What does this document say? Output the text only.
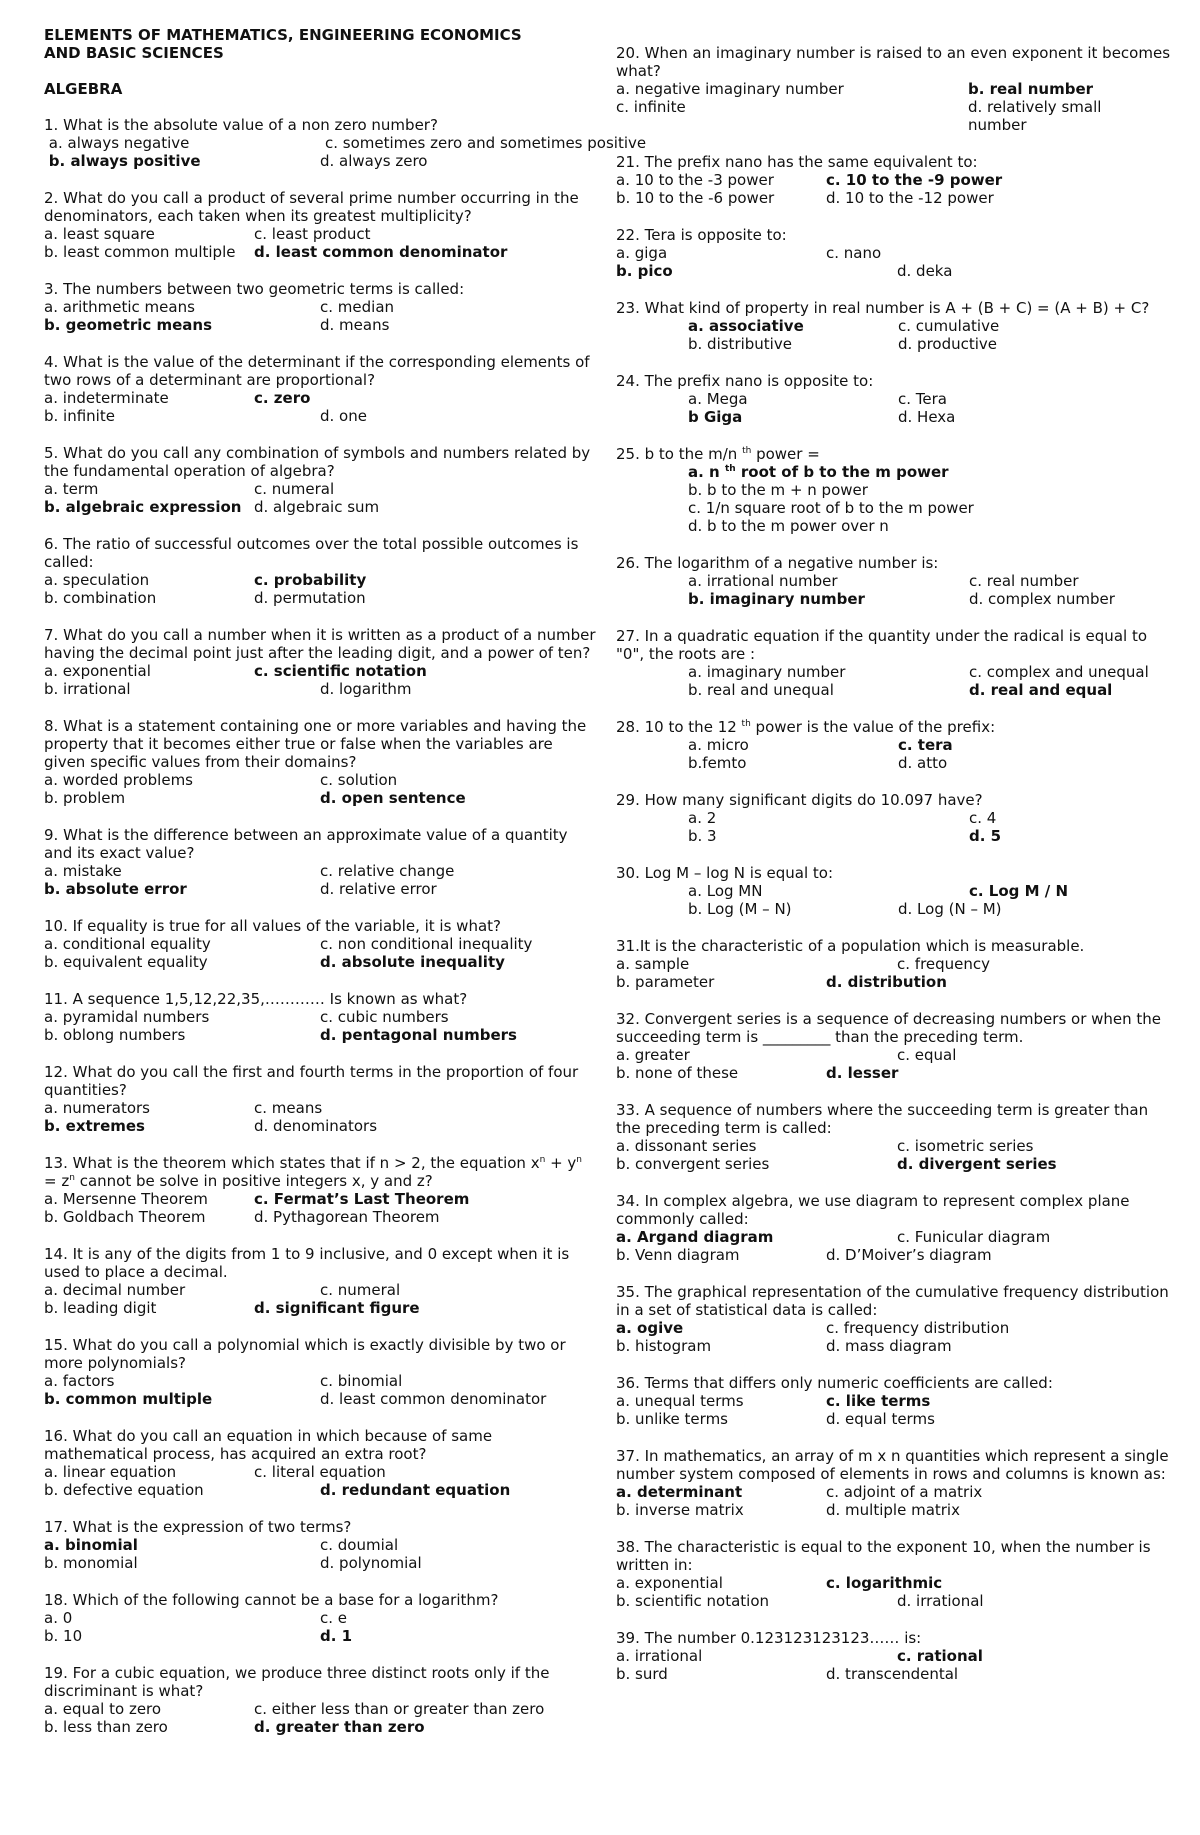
ELEMENTS OF MATHEMATICS, ENGINEERING ECONOMICS
AND BASIC SCIENCES

ALGEBRA

1. What is the absolute value of a non zero number?

a. always negative	c. sometimes zero and sometimes positive
b. always positive	d. always zero

2. What do you call a product of several prime number occurring in the denominators, each taken when its greatest multiplicity?

a. least square	c. least product
b. least common multiple	d. least common denominator

3. The numbers between two geometric terms is called:

a. arithmetic means	c. median
b. geometric means	d. means

4. What is the value of the determinant if the corresponding elements of two rows of a determinant are proportional?

a. indeterminate	c. zero
b. infinite	d. one

5. What do you call any combination of symbols and numbers related by the fundamental operation of algebra?

a. term	c. numeral
b. algebraic expression d. algebraic sum

6. The ratio of successful outcomes over the total possible outcomes is called:

a. speculation	c. probability
b. combination	d. permutation

7. What do you call a number when it is written as a product of a number having the decimal point just after the leading digit, and a power of ten?

a. exponential	c. scientific notation
b. irrational	d. logarithm

8. What is a statement containing one or more variables and having the property that it becomes either true or false when the variables are given specific values from their domains?

a. worded problems	c. solution
b. problem	d. open sentence

9. What is the difference between an approximate value of a quantity and its exact value?

a. mistake	c. relative change
b. absolute error	d. relative error

10. If equality is true for all values of the variable, it is what?

a. conditional equality	c. non conditional inequality
b. equivalent equality	d. absolute inequality

11. A sequence 1,5,12,22,35,………… Is known as what?

a. pyramidal numbers	c. cubic numbers
b. oblong numbers	d. pentagonal numbers

12. What do you call the first and fourth terms in the proportion of four quantities?

a. numerators	c. means
b. extremes	d. denominators

13. What is the theorem which states that if n > 2, the equation $x^n + y^n = z^n$ cannot be solve in positive integers x, y and z?

a. Mersenne Theorem	c. Fermat’s Last Theorem
b. Goldbach Theorem	d. Pythagorean Theorem

14. It is any of the digits from 1 to 9 inclusive, and 0 except when it is used to place a decimal.

a. decimal number	c. numeral
b. leading digit	d. significant figure

15. What do you call a polynomial which is exactly divisible by two or more polynomials?

a. factors	c. binomial
b. common multiple	d. least common denominator

16. What do you call an equation in which because of same mathematical process, has acquired an extra root?

a. linear equation	c. literal equation
b. defective equation	d. redundant equation

17. What is the expression of two terms?

a. binomial	c. doumial
b. monomial	d. polynomial

18. Which of the following cannot be a base for a logarithm?

a. 0	c. e
b. 10	d. 1

19. For a cubic equation, we produce three distinct roots only if the discriminant is what?

a. equal to zero	c. either less than or greater than zero
b. less than zero	d. greater than zero

20. When an imaginary number is raised to an even exponent it becomes what?

a. negative imaginary number	b. real number
c. infinite	d. relatively small number

21. The prefix nano has the same equivalent to:

a. 10 to the -3 power	c. 10 to the -9 power
b. 10 to the -6 power	d. 10 to the -12 power

22. Tera is opposite to:

a. giga	c. nano
b. pico	d. deka

23. What kind of property in real number is A + (B + C) = (A + B) + C?

a. associative	c. cumulative
b. distributive	d. productive

24. The prefix nano is opposite to:

a. Mega	c. Tera
b Giga	d. Hexa

25. b to the m/n $^{th}$ power =

a. n $^{th}$ root of b to the m power
b. b to the m + n power
c. 1/n square root of b to the m power
d. b to the m power over n

26. The logarithm of a negative number is:

a. irrational number	c. real number
b. imaginary number	d. complex number

27. In a quadratic equation if the quantity under the radical is equal to "0", the roots are :

a. imaginary number	c. complex and unequal
b. real and unequal	d. real and equal

28. 10 to the 12 $^{th}$ power is the value of the prefix:

a. micro	c. tera
b.femto	d. atto

29. How many significant digits do 10.097 have?

a. 2	c. 4
b. 3	d. 5

30. Log M – log N is equal to:

a. Log MN	c. Log M / N
b. Log (M – N)	d. Log (N – M)

31.It is the characteristic of a population which is measurable.

a. sample	c. frequency
b. parameter	d. distribution

32. Convergent series is a sequence of decreasing numbers or when the succeeding term is _________ than the preceding term.

a. greater	c. equal
b. none of these	d. lesser

33. A sequence of numbers where the succeeding term is greater than the preceding term is called:

a. dissonant series	c. isometric series
b. convergent series	d. divergent series

34. In complex algebra, we use diagram to represent complex plane commonly called:

a. Argand diagram	c. Funicular diagram
b. Venn diagram	d. D’Moiver’s diagram

35. The graphical representation of the cumulative frequency distribution in a set of statistical data is called:

a. ogive	c. frequency distribution
b. histogram	d. mass diagram

36. Terms that differs only numeric coefficients are called:

a. unequal terms	c. like terms
b. unlike terms	d. equal terms

37. In mathematics, an array of m x n quantities which represent a single number system composed of elements in rows and columns is known as:

a. determinant	c. adjoint of a matrix
b. inverse matrix	d. multiple matrix

38. The characteristic is equal to the exponent 10, when the number is written in:

a. exponential	c. logarithmic
b. scientific notation	d. irrational

39. The number 0.123123123123…… is:

a. irrational	c. rational
b. surd	d. transcendental
